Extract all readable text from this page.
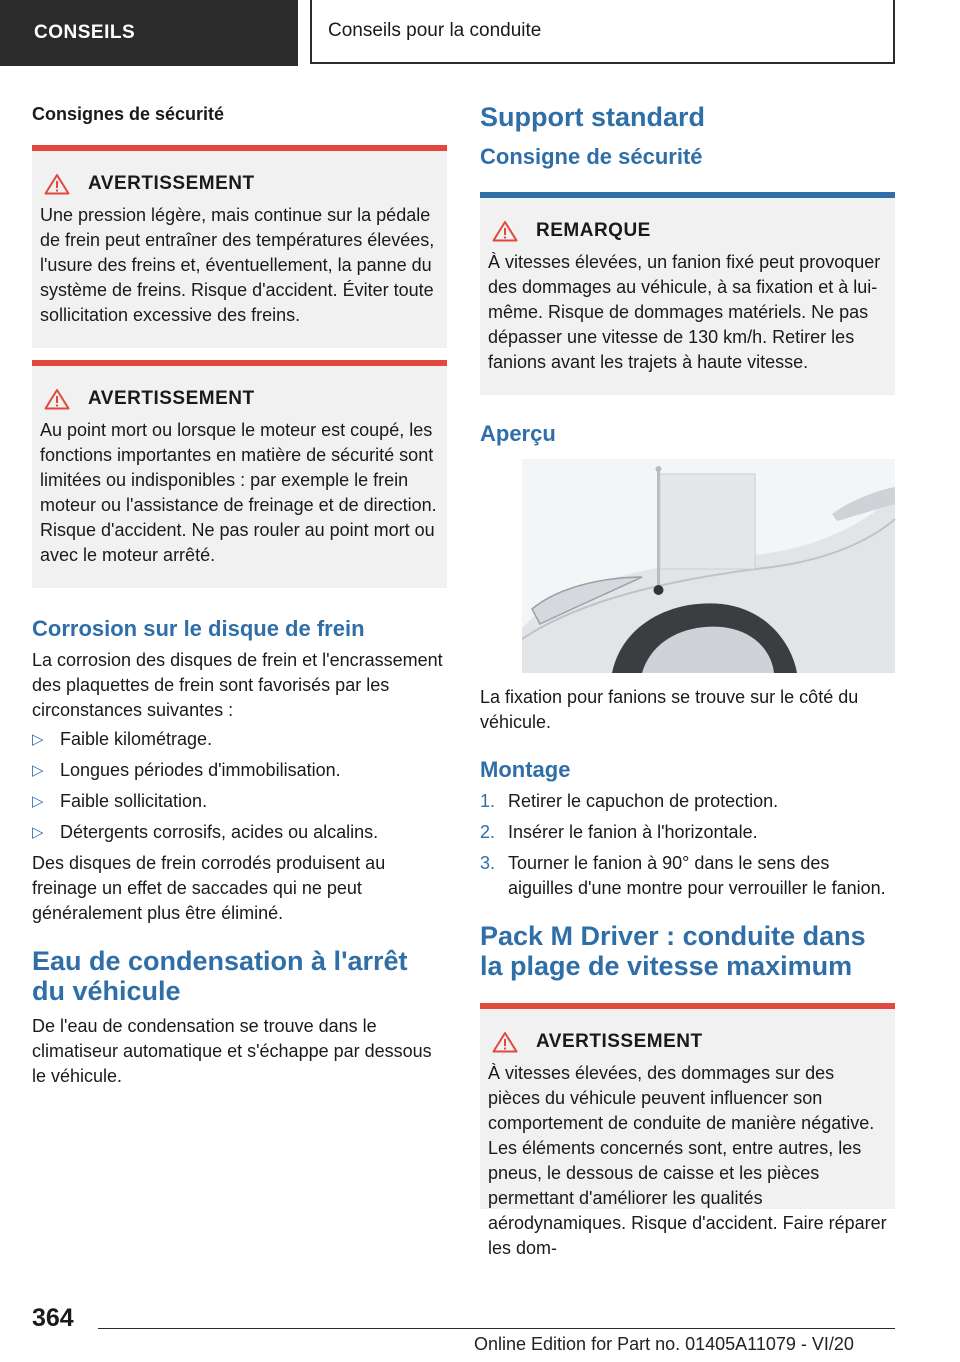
CONSEILS	Conseils pour la conduite
Consignes de sécurité
AVERTISSEMENT
Une pression légère, mais continue sur la pédale de frein peut entraîner des températures élevées, l'usure des freins et, éventuellement, la panne du système de freins. Risque d'accident. Éviter toute sollicitation excessive des freins.
AVERTISSEMENT
Au point mort ou lorsque le moteur est coupé, les fonctions importantes en matière de sécurité sont limitées ou indisponibles : par exemple le frein moteur ou l'assistance de freinage et de direction. Risque d'accident. Ne pas rouler au point mort ou avec le moteur arrêté.
Corrosion sur le disque de frein

La corrosion des disques de frein et l'encrassement des plaquettes de frein sont favorisés par les circonstances suivantes :

▷ Faible kilométrage.
▷ Longues périodes d'immobilisation.
▷ Faible sollicitation.
▷ Détergents corrosifs, acides ou alcalins.

Des disques de frein corrodés produisent au freinage un effet de saccades qui ne peut généralement plus être éliminé.

Eau de condensation à l'arrêt du véhicule

De l'eau de condensation se trouve dans le climatiseur automatique et s'échappe par dessous le véhicule.

Support standard
Consigne de sécurité
REMARQUE
À vitesses élevées, un fanion fixé peut provoquer des dommages au véhicule, à sa fixation et à lui-même. Risque de dommages matériels. Ne pas dépasser une vitesse de 130 km/h. Retirer les fanions avant les trajets à haute vitesse.
Aperçu

La fixation pour fanions se trouve sur le côté du véhicule.

Montage
1. Retirer le capuchon de protection.
2. Insérer le fanion à l'horizontale.
3. Tourner le fanion à 90° dans le sens des aiguilles d'une montre pour verrouiller le fanion.
Pack M Driver : conduite dans la plage de vitesse maximum
AVERTISSEMENT
À vitesses élevées, des dommages sur des pièces du véhicule peuvent influencer son comportement de conduite de manière négative. Les éléments concernés sont, entre autres, les pneus, le dessous de caisse et les pièces permettant d'améliorer les qualités aérodynamiques. Risque d'accident. Faire réparer les dom-
364
Online Edition for Part no. 01405A11079 - VI/20
